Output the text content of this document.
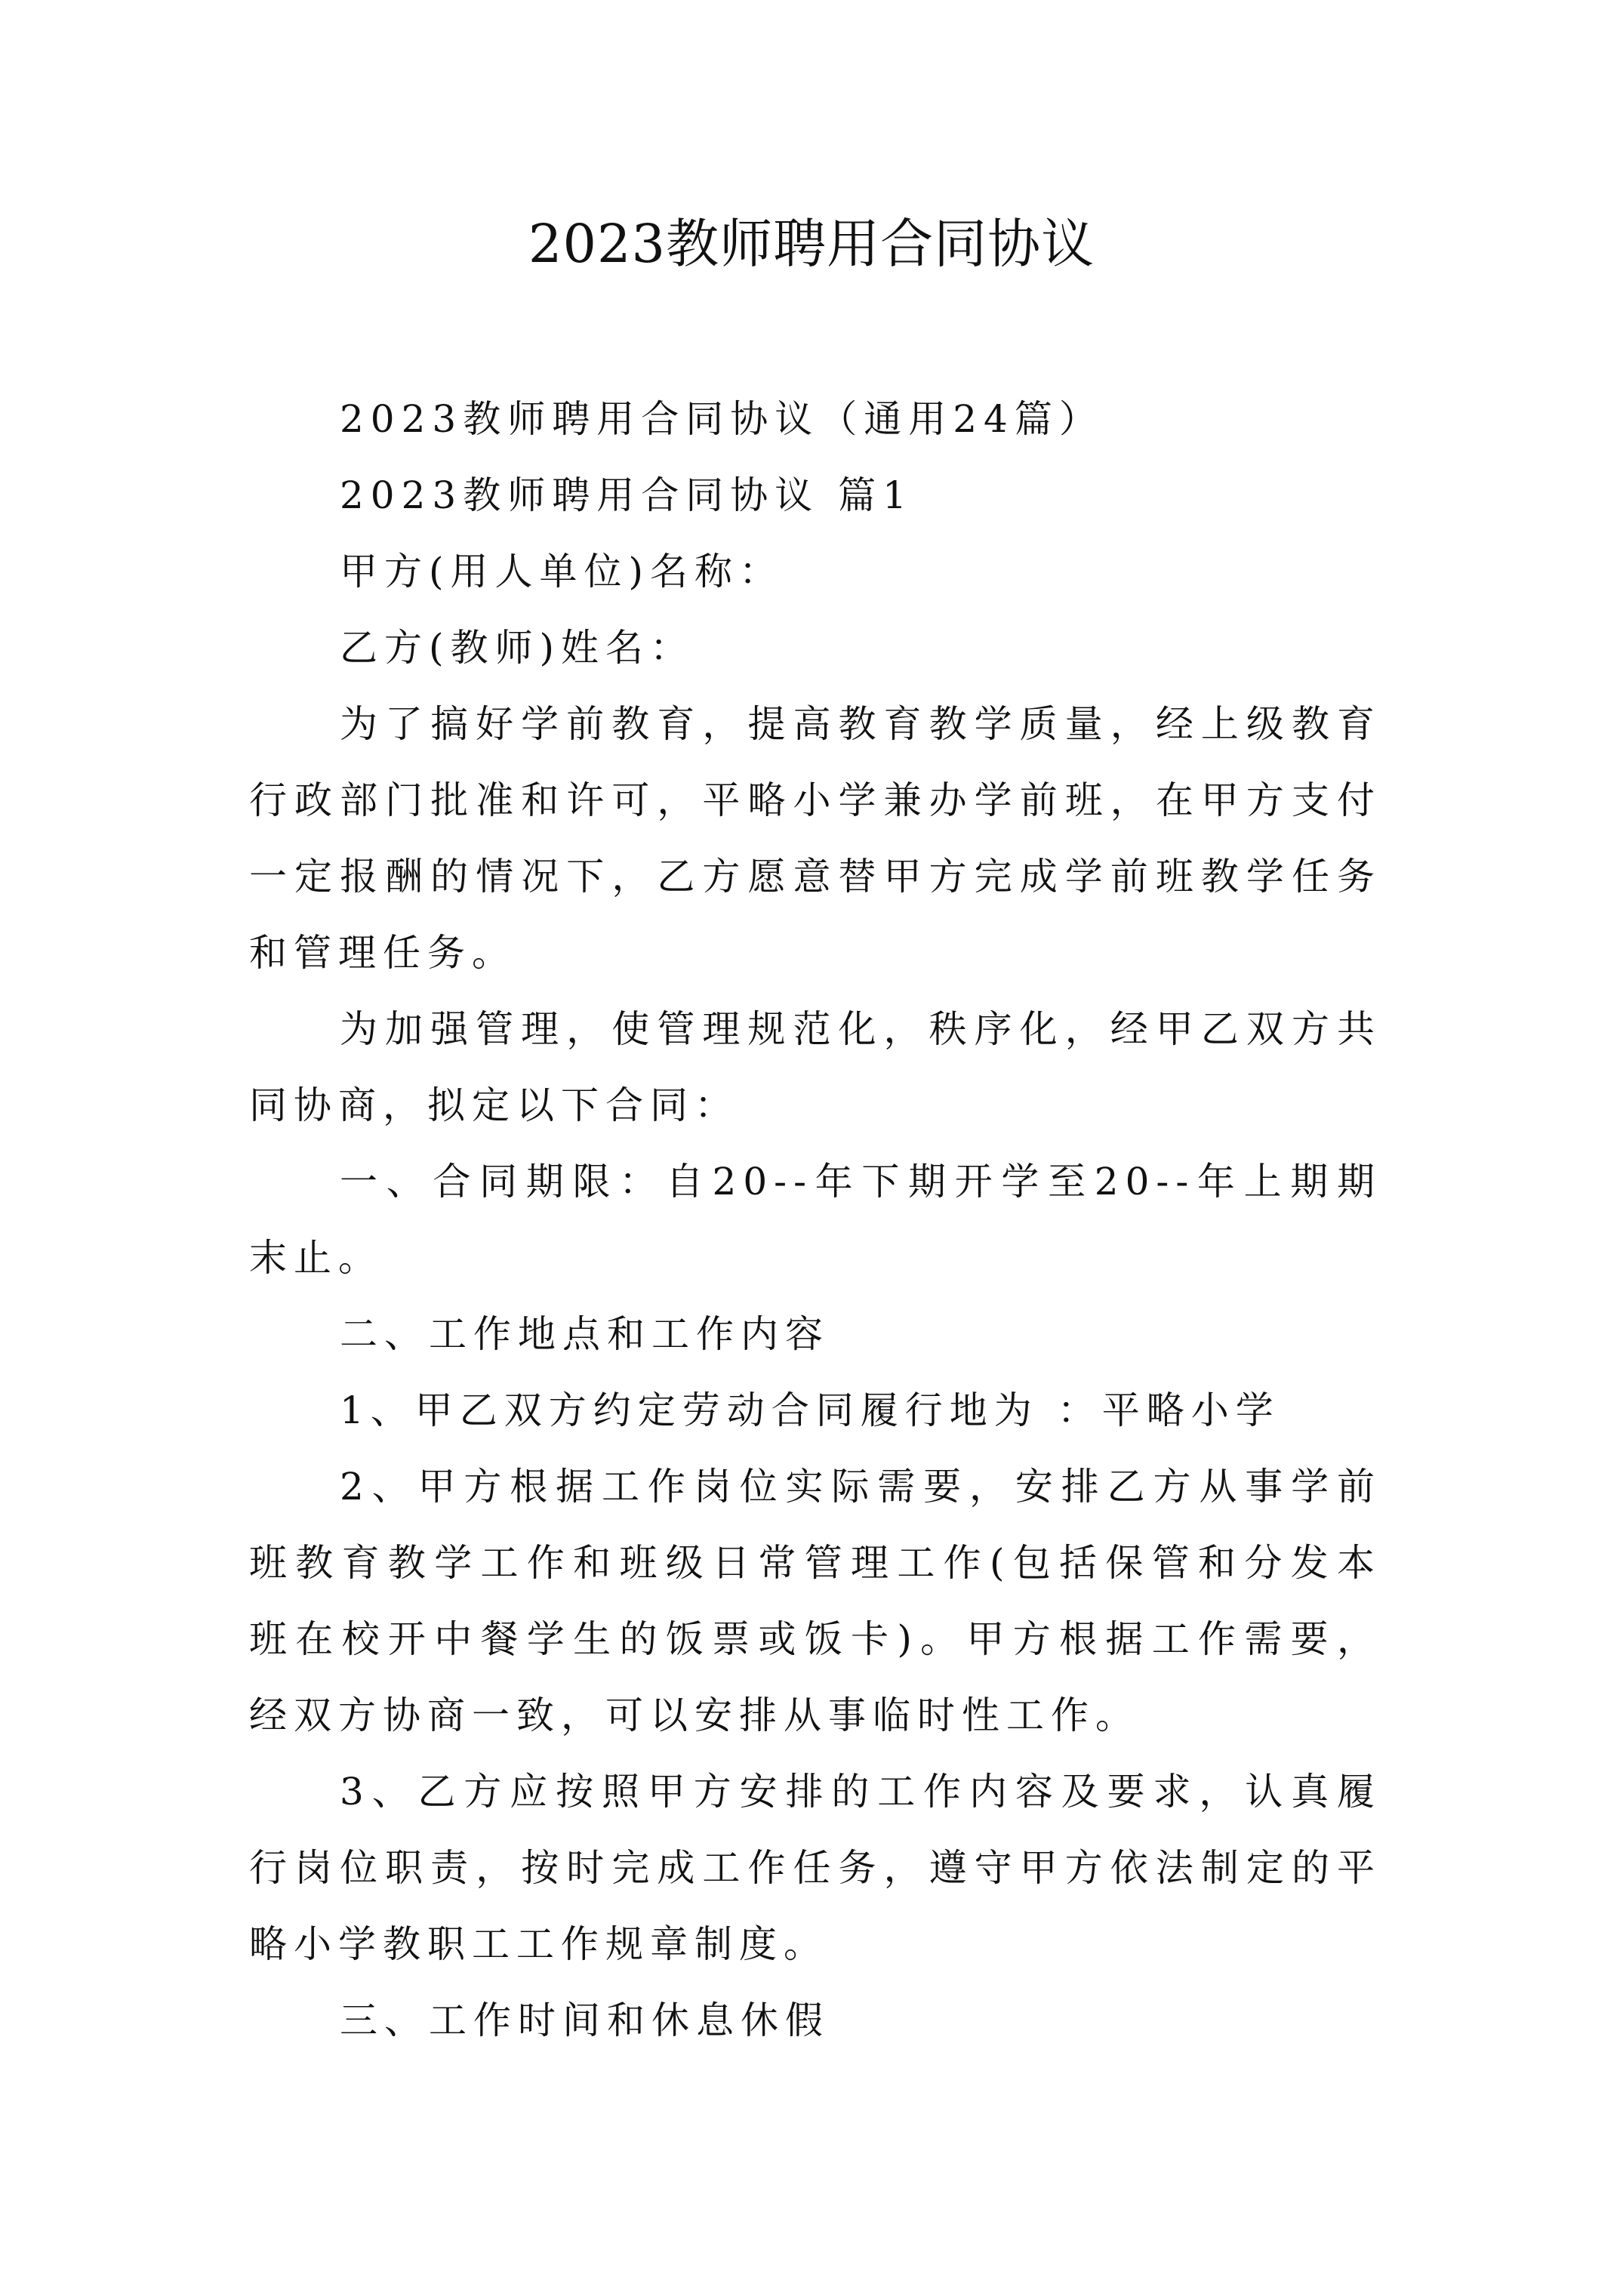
2023教师聘用合同协议

2023教师聘用合同协议（通用24篇）

2023教师聘用合同协议 篇1

甲方(用人单位)名称：

乙方(教师)姓名：

为了搞好学前教育，提高教育教学质量，经上级教育行政部门批准和许可，平略小学兼办学前班，在甲方支付一定报酬的情况下，乙方愿意替甲方完成学前班教学任务和管理任务。

为加强管理，使管理规范化，秩序化，经甲乙双方共同协商，拟定以下合同：

一、合同期限：自20--年下期开学至20--年上期期末止。

二、工作地点和工作内容

1、甲乙双方约定劳动合同履行地为 ：平略小学

2、甲方根据工作岗位实际需要，安排乙方从事学前班教育教学工作和班级日常管理工作(包括保管和分发本班在校开中餐学生的饭票或饭卡)。甲方根据工作需要，经双方协商一致，可以安排从事临时性工作。

3、乙方应按照甲方安排的工作内容及要求，认真履行岗位职责，按时完成工作任务，遵守甲方依法制定的平略小学教职工工作规章制度。

三、工作时间和休息休假
